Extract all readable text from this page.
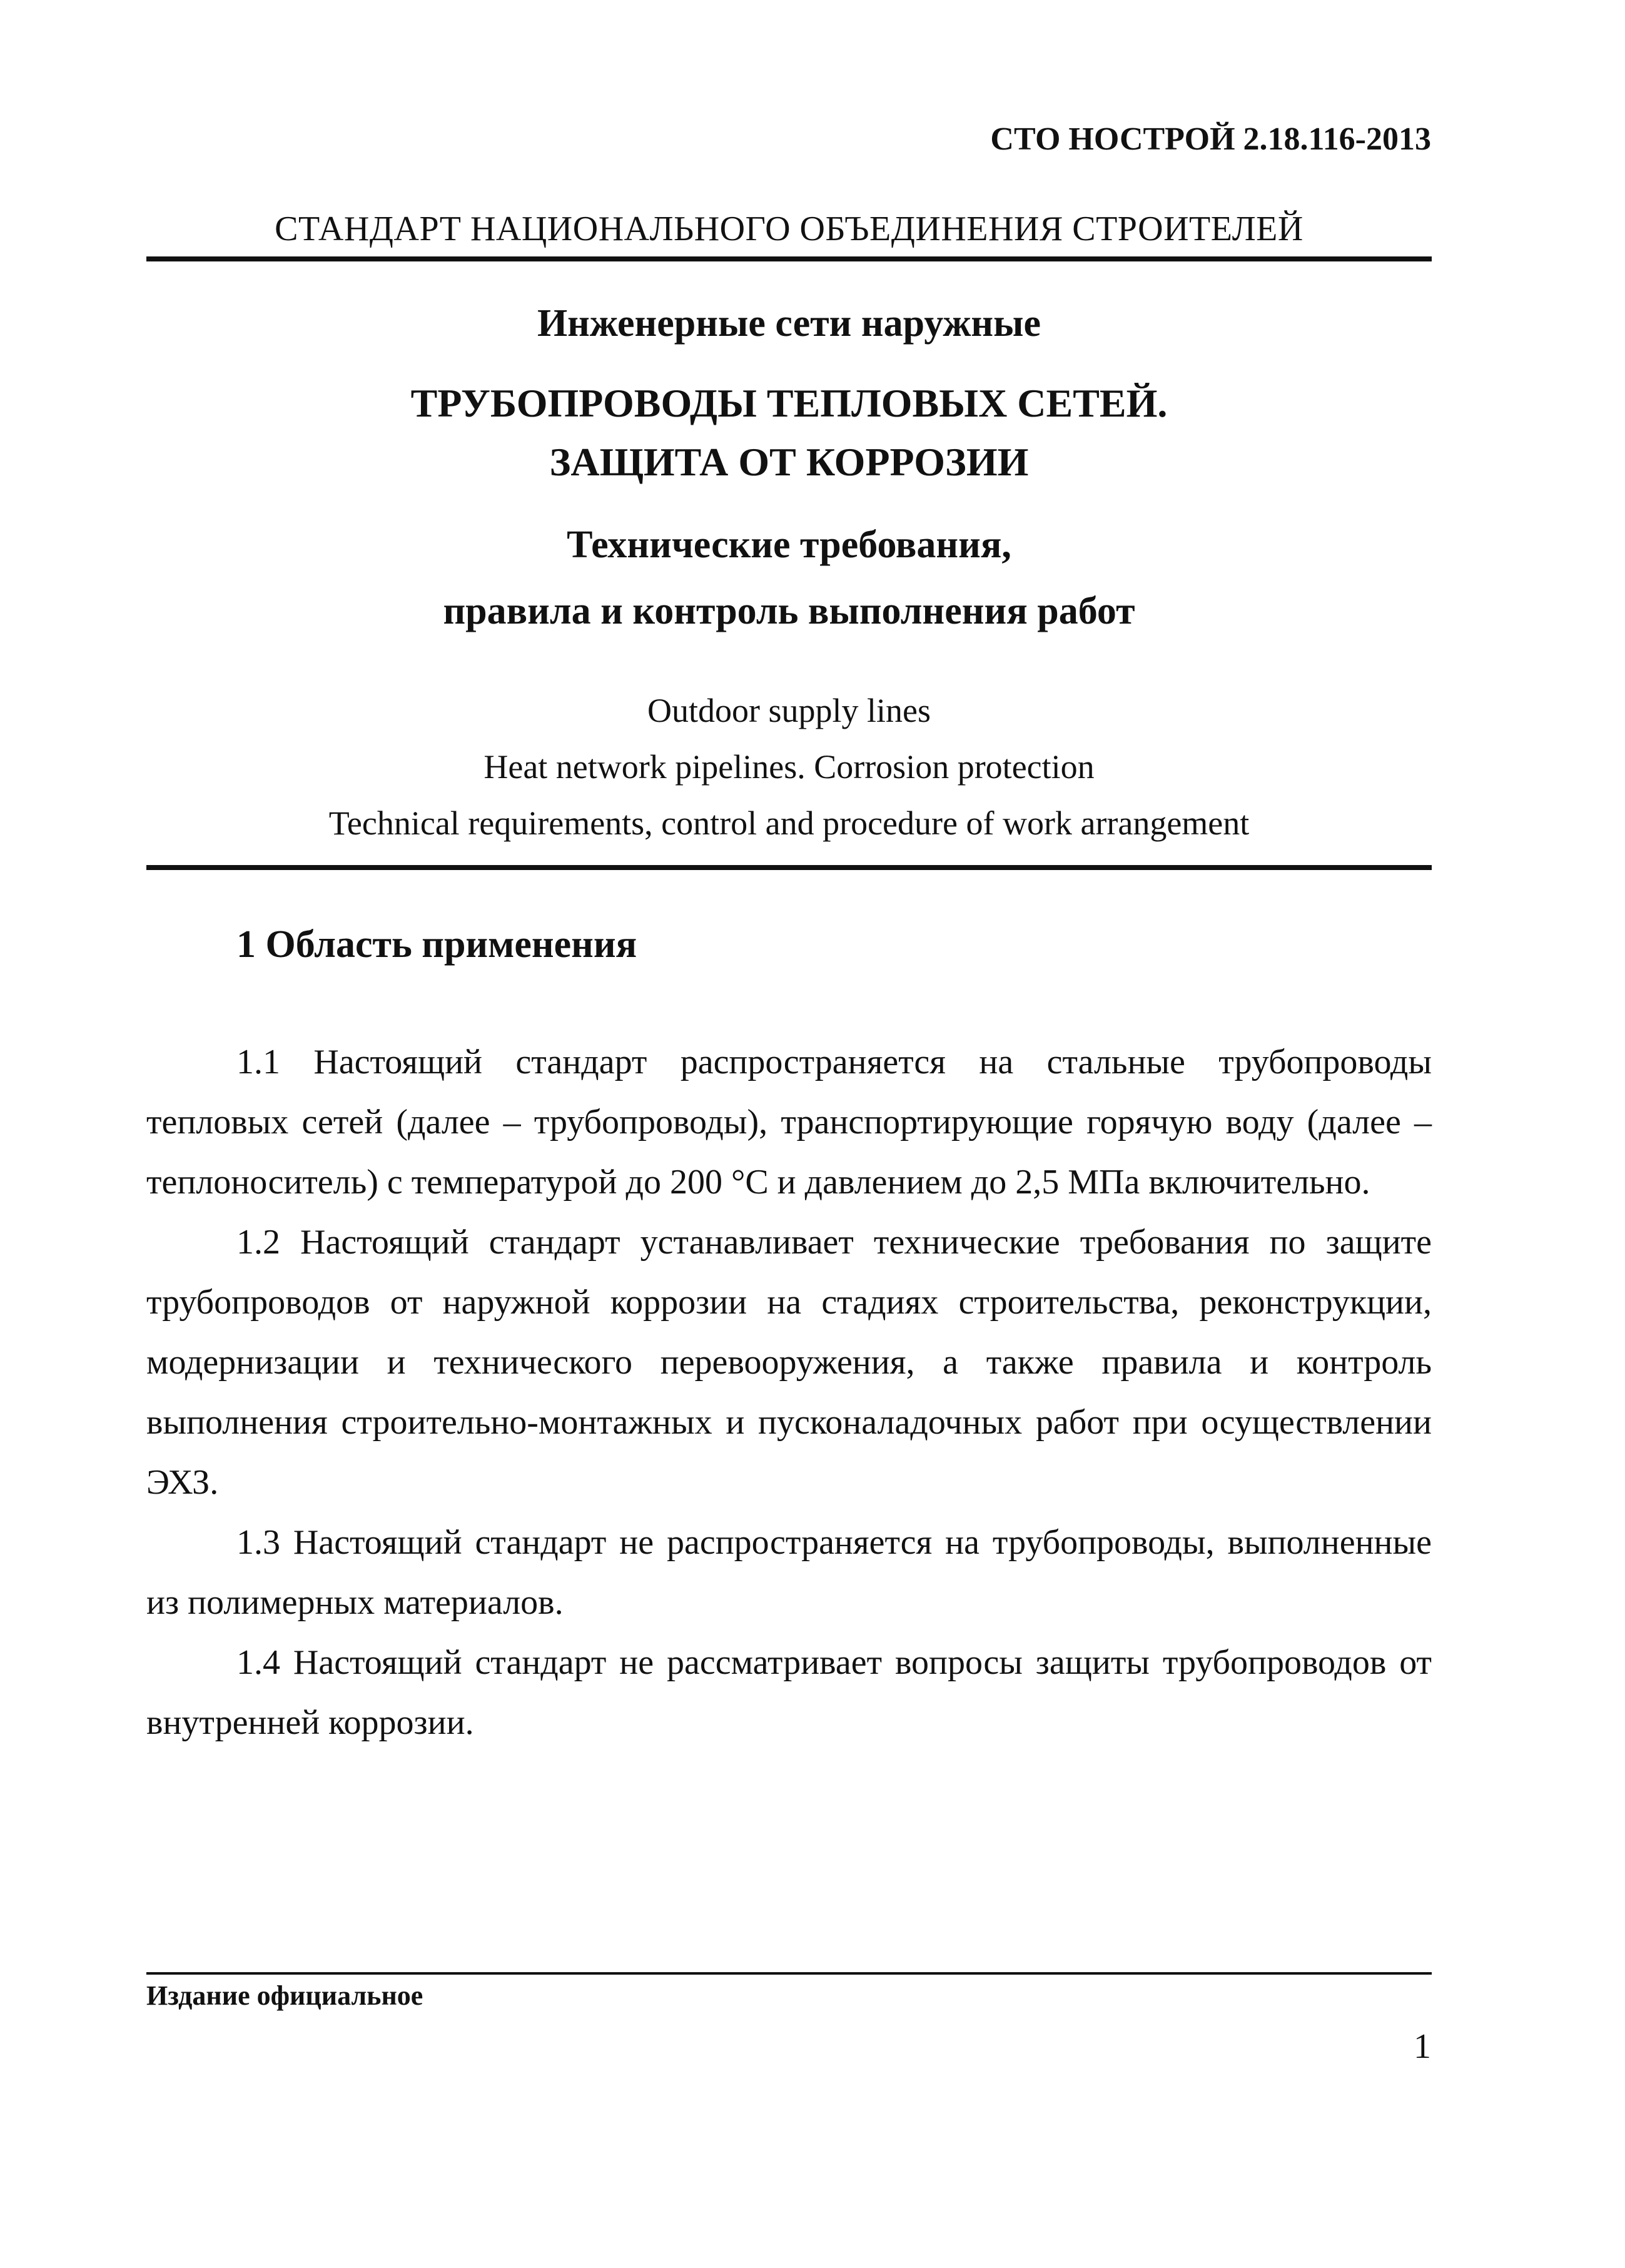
СТО НОСТРОЙ 2.18.116-2013
СТАНДАРТ НАЦИОНАЛЬНОГО ОБЪЕДИНЕНИЯ СТРОИТЕЛЕЙ
Инженерные сети наружные
ТРУБОПРОВОДЫ ТЕПЛОВЫХ СЕТЕЙ.
ЗАЩИТА ОТ КОРРОЗИИ
Технические требования,
правила и контроль выполнения работ
Outdoor supply lines
Heat network pipelines. Corrosion protection
Technical requirements, control and procedure of work arrangement
1 Область применения

1.1 Настоящий стандарт распространяется на стальные трубопроводы тепловых сетей (далее – трубопроводы), транспортирующие горячую воду (далее – теплоноситель) с температурой до 200 °С и давлением до 2,5 МПа включительно.

1.2 Настоящий стандарт устанавливает технические требования по защите трубопроводов от наружной коррозии на стадиях строительства, реконструкции, модернизации и технического перевооружения, а также правила и контроль выполнения строительно-монтажных и пусконаладочных работ при осуществлении ЭХЗ.

1.3 Настоящий стандарт не распространяется на трубопроводы, выполненные из полимерных материалов.

1.4 Настоящий стандарт не рассматривает вопросы защиты трубопроводов от внутренней коррозии.

Издание официальное
1
